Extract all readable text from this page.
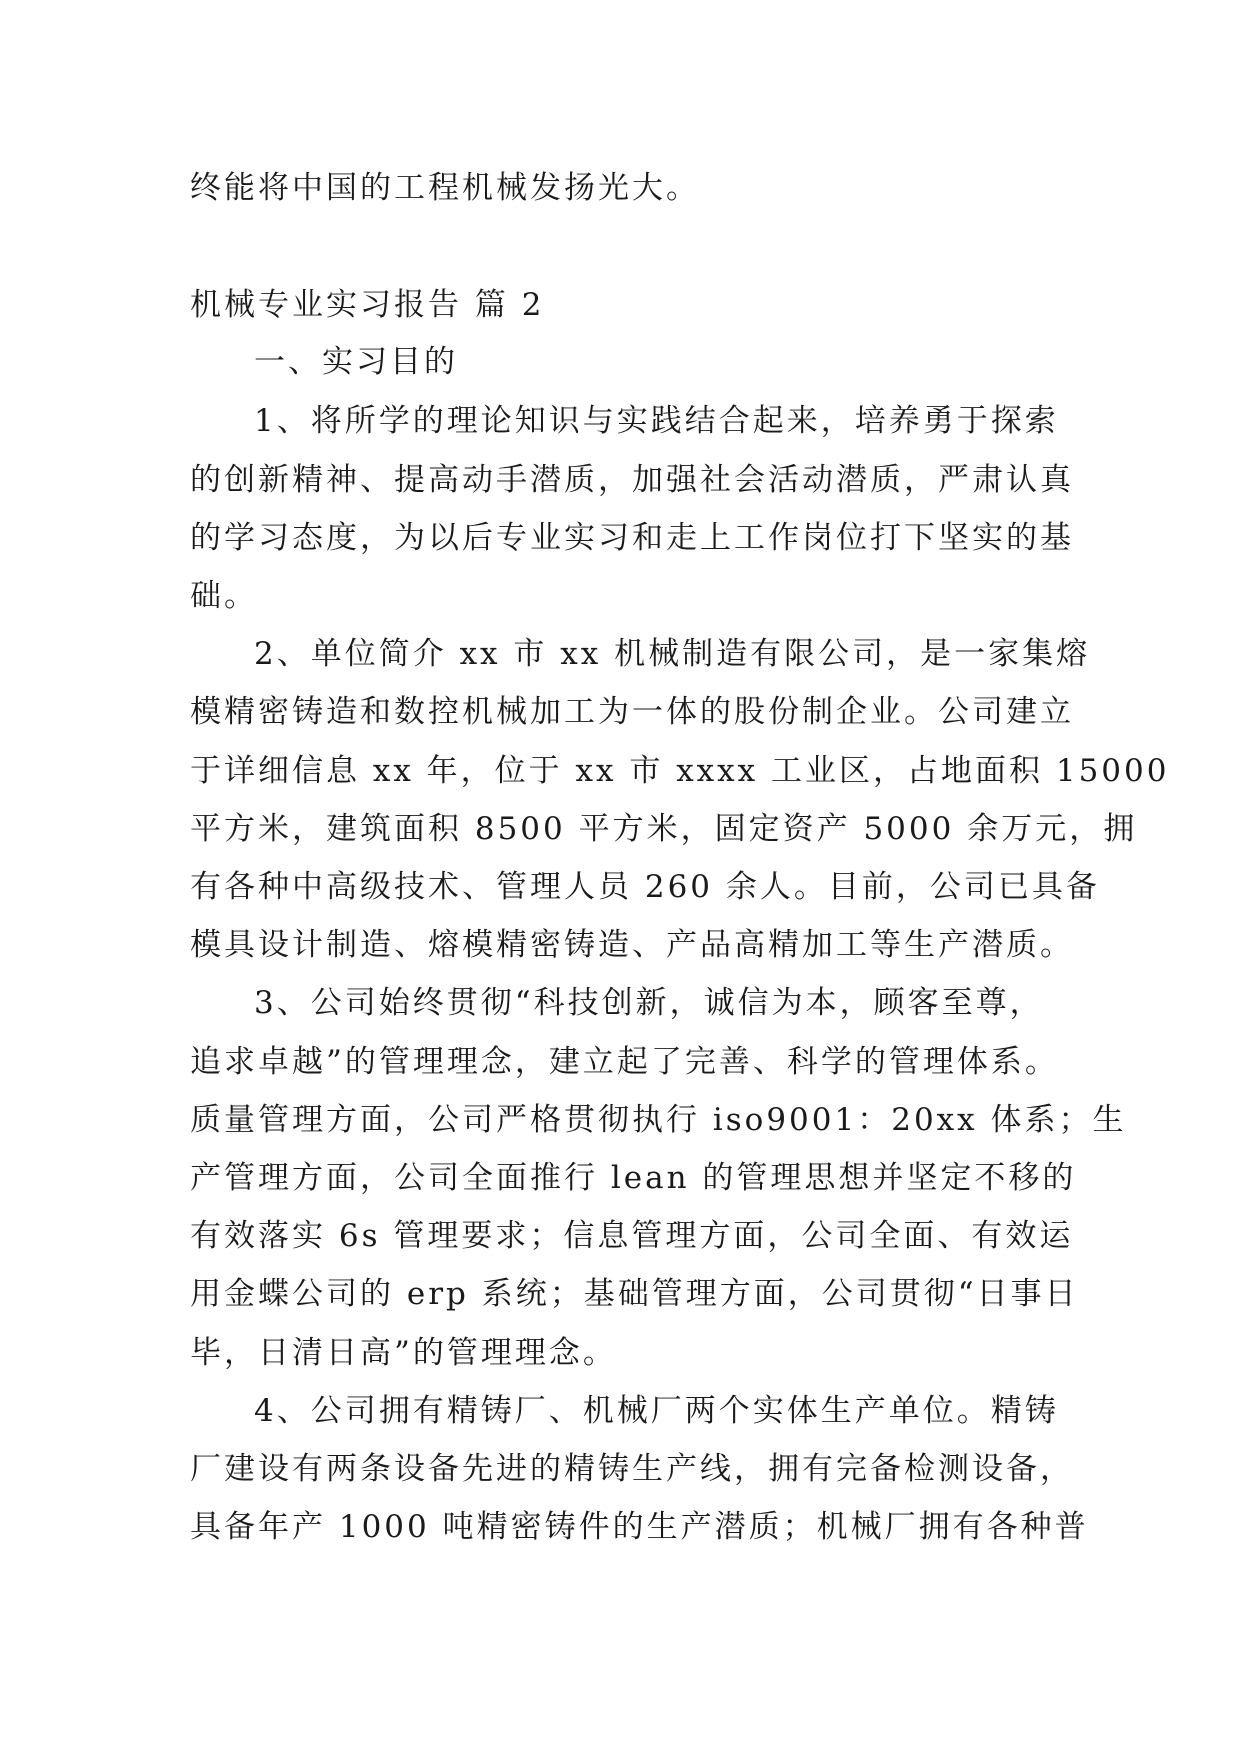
终能将中国的工程机械发扬光大。
机械专业实习报告 篇 2
一、实习目的
1、将所学的理论知识与实践结合起来，培养勇于探索
的创新精神、提高动手潜质，加强社会活动潜质，严肃认真
的学习态度，为以后专业实习和走上工作岗位打下坚实的基
础。
2、单位简介 xx 市 xx 机械制造有限公司，是一家集熔
模精密铸造和数控机械加工为一体的股份制企业。公司建立
于详细信息 xx 年，位于 xx 市 xxxx 工业区，占地面积 15000
平方米，建筑面积 8500 平方米，固定资产 5000 余万元，拥
有各种中高级技术、管理人员 260 余人。目前，公司已具备
模具设计制造、熔模精密铸造、产品高精加工等生产潜质。
3、公司始终贯彻“科技创新，诚信为本，顾客至尊，
追求卓越”的管理理念，建立起了完善、科学的管理体系。
质量管理方面，公司严格贯彻执行 iso9001：20xx 体系；生
产管理方面，公司全面推行 lean 的管理思想并坚定不移的
有效落实 6s 管理要求；信息管理方面，公司全面、有效运
用金蝶公司的 erp 系统；基础管理方面，公司贯彻“日事日
毕，日清日高”的管理理念。
4、公司拥有精铸厂、机械厂两个实体生产单位。精铸
厂建设有两条设备先进的精铸生产线，拥有完备检测设备，
具备年产 1000 吨精密铸件的生产潜质；机械厂拥有各种普
